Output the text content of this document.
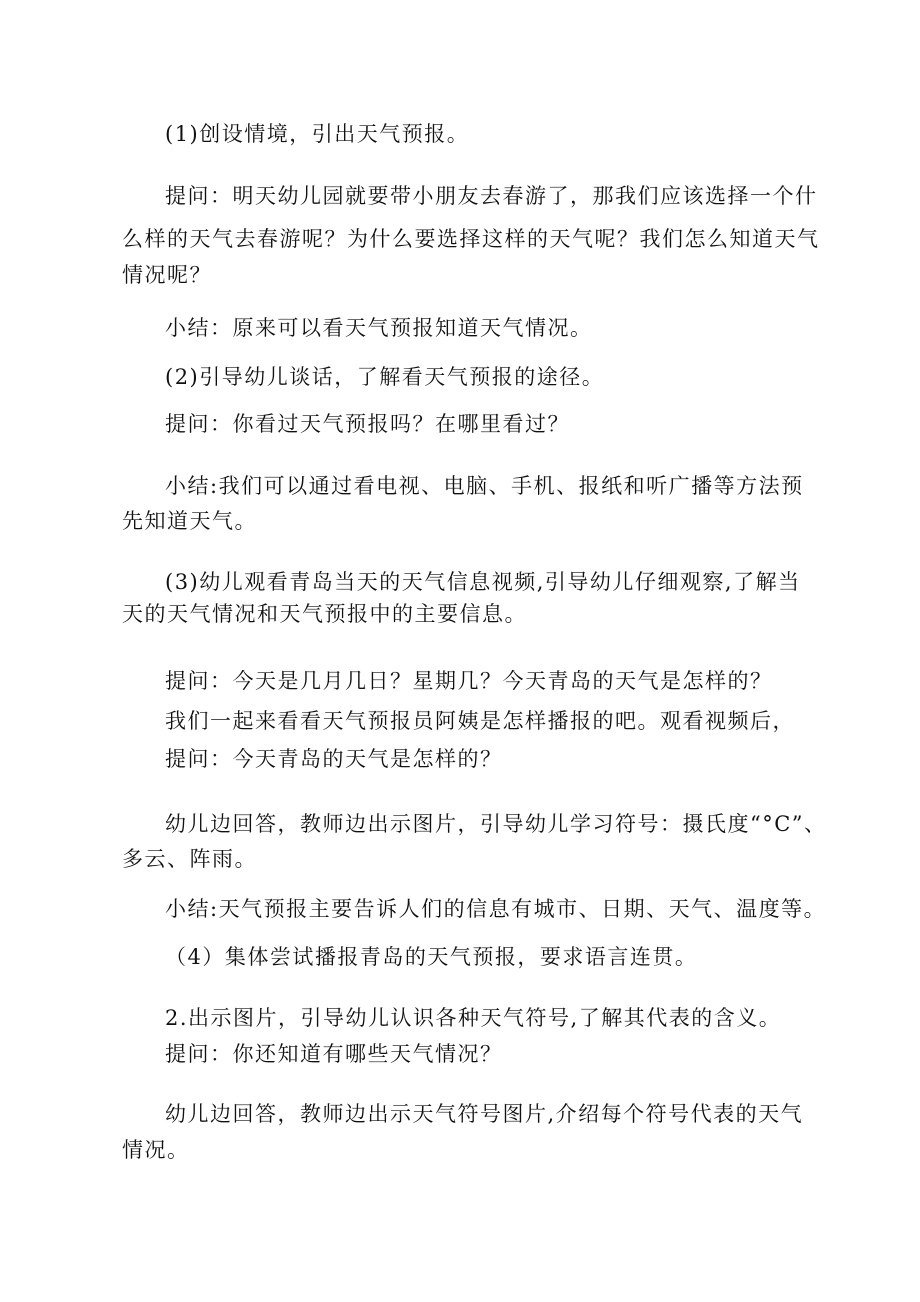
(1)创设情境，引出天气预报。
提问：明天幼儿园就要带小朋友去春游了，那我们应该选择一个什
么样的天气去春游呢？为什么要选择这样的天气呢？我们怎么知道天气
情况呢？
小结：原来可以看天气预报知道天气情况。
(2)引导幼儿谈话，了解看天气预报的途径。
提问：你看过天气预报吗？在哪里看过？
小结:我们可以通过看电视、电脑、手机、报纸和听广播等方法预
先知道天气。
(3)幼儿观看青岛当天的天气信息视频,引导幼儿仔细观察,了解当
天的天气情况和天气预报中的主要信息。
提问：今天是几月几日？星期几？今天青岛的天气是怎样的？
我们一起来看看天气预报员阿姨是怎样播报的吧。观看视频后，
提问：今天青岛的天气是怎样的？
幼儿边回答，教师边出示图片，引导幼儿学习符号：摄氏度“°C”、
多云、阵雨。
小结:天气预报主要告诉人们的信息有城市、日期、天气、温度等。
（4）集体尝试播报青岛的天气预报，要求语言连贯。
2.出示图片，引导幼儿认识各种天气符号,了解其代表的含义。
提问：你还知道有哪些天气情况？
幼儿边回答，教师边出示天气符号图片,介绍每个符号代表的天气
情况。
